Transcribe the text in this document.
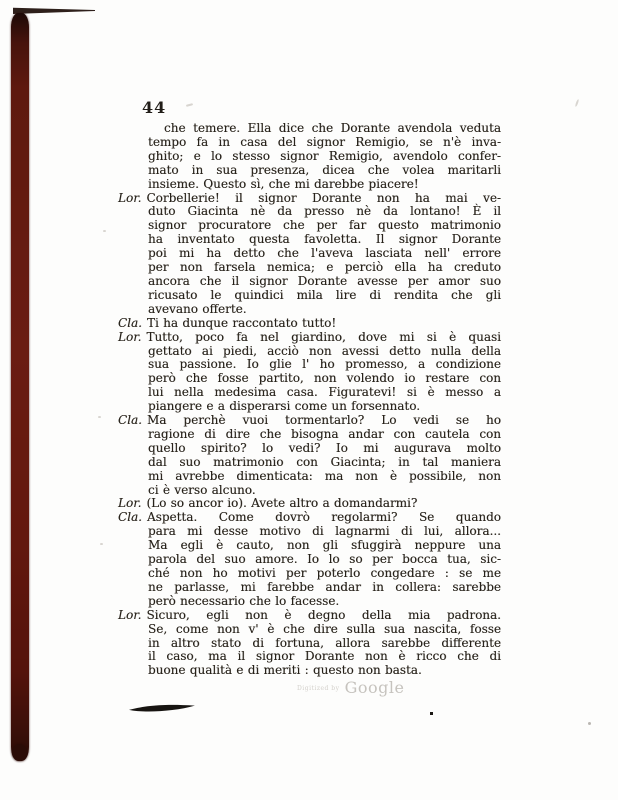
44
che temere. Ella dice che Dorante avendola veduta
tempo fa in casa del signor Remigio, se n'è inva-
ghito; e lo stesso signor Remigio, avendolo confer-
mato in sua presenza, dicea che volea maritarli
insieme. Questo sì, che mi darebbe piacere!
Lor. Corbellerie! il signor Dorante non ha mai ve-
duto Giacinta nè da presso nè da lontano! È il
signor procuratore che per far questo matrimonio
ha inventato questa favoletta. Il signor Dorante
poi mi ha detto che l'aveva lasciata nell' errore
per non farsela nemica; e perciò ella ha creduto
ancora che il signor Dorante avesse per amor suo
ricusato le quindici mila lire di rendita che gli
avevano offerte.
Cla. Ti ha dunque raccontato tutto!
Lor. Tutto, poco fa nel giardino, dove mi si è quasi
gettato ai piedi, acciò non avessi detto nulla della
sua passione. Io glie l' ho promesso, a condizione
però che fosse partito, non volendo io restare con
lui nella medesima casa. Figuratevi! si è messo a
piangere e a disperarsi come un forsennato.
Cla. Ma perchè vuoi tormentarlo? Lo vedi se ho
ragione di dire che bisogna andar con cautela con
quello spirito? lo vedi? Io mi augurava molto
dal suo matrimonio con Giacinta; in tal maniera
mi avrebbe dimenticata: ma non è possibile, non
ci è verso alcuno.
Lor. (Lo so ancor io). Avete altro a domandarmi?
Cla. Aspetta. Come dovrò regolarmi? Se quando
para mi desse motivo di lagnarmi di lui, allora...
Ma egli è cauto, non gli sfuggirà neppure una
parola del suo amore. Io lo so per bocca tua, sic-
ché non ho motivi per poterlo congedare : se me
ne parlasse, mi farebbe andar in collera: sarebbe
però necessario che lo facesse.
Lor. Sicuro, egli non è degno della mia padrona.
Se, come non v' è che dire sulla sua nascita, fosse
in altro stato di fortuna, allora sarebbe differente
il caso, ma il signor Dorante non è ricco che di
buone qualità e di meriti : questo non basta.
Digitized by Google
